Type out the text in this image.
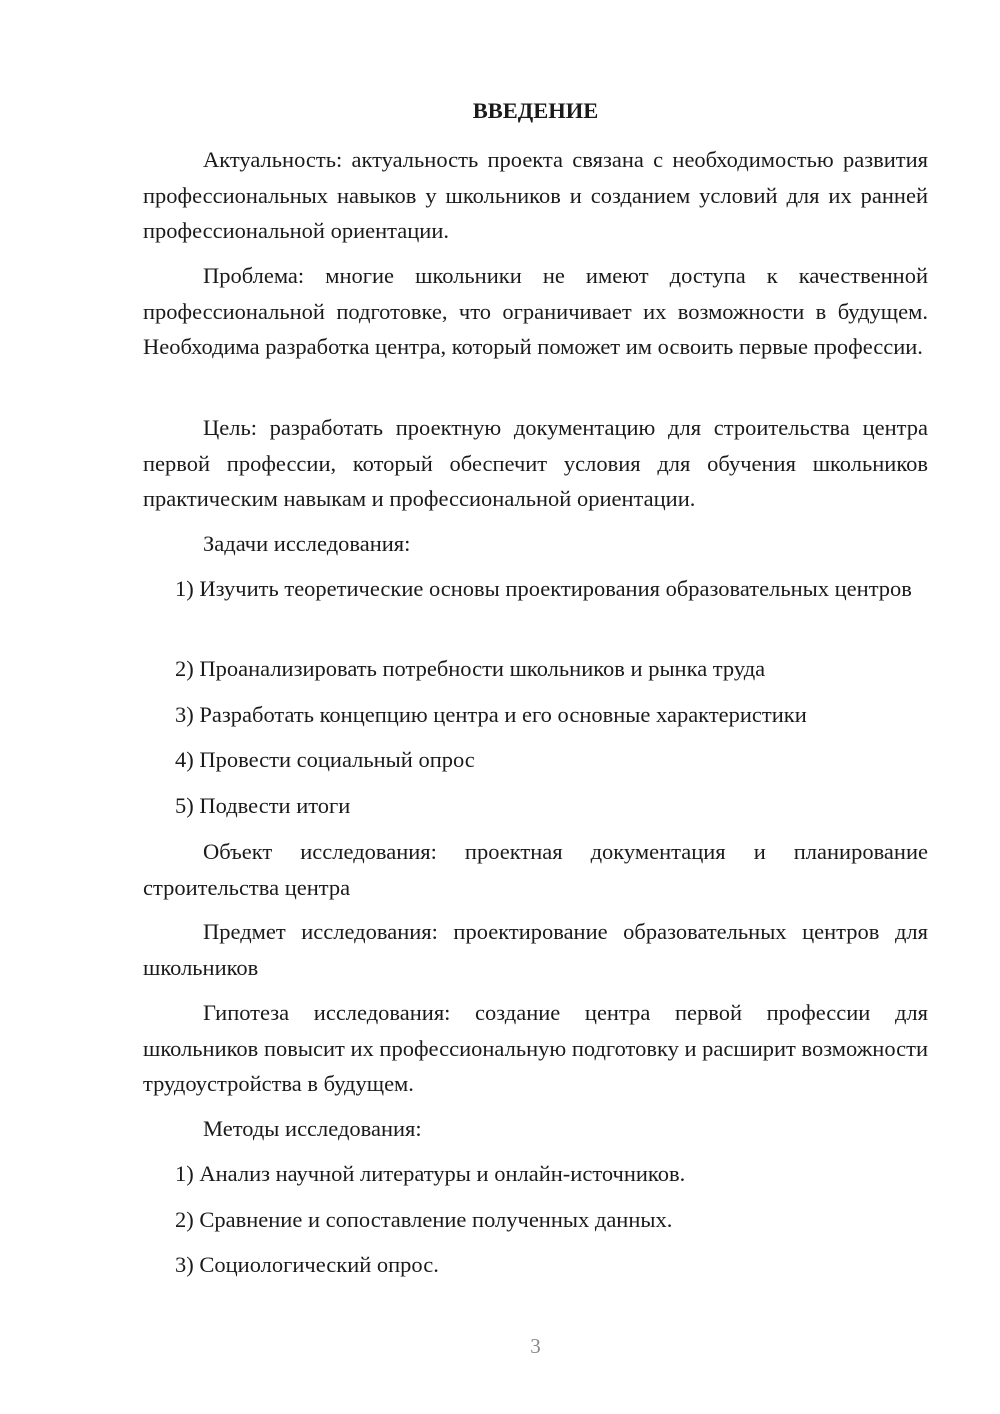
ВВЕДЕНИЕ

Актуальность: актуальность проекта связана с необходимостью развития профессиональных навыков у школьников и созданием условий для их ранней профессиональной ориентации.

Проблема: многие школьники не имеют доступа к качественной профессиональной подготовке, что ограничивает их возможности в будущем. Необходима разработка центра, который поможет им освоить первые профессии.

Цель: разработать проектную документацию для строительства центра первой профессии, который обеспечит условия для обучения школьников практическим навыкам и профессиональной ориентации.

Задачи исследования:

1) Изучить теоретические основы проектирования образовательных центров

2) Проанализировать потребности школьников и рынка труда

3) Разработать концепцию центра и его основные характеристики

4) Провести социальный опрос

5) Подвести итоги

Объект исследования: проектная документация и планирование строительства центра

Предмет исследования: проектирование образовательных центров для школьников

Гипотеза исследования: создание центра первой профессии для школьников повысит их профессиональную подготовку и расширит возможности трудоустройства в будущем.

Методы исследования:

1) Анализ научной литературы и онлайн-источников.

2) Сравнение и сопоставление полученных данных.

3) Социологический опрос.

3
